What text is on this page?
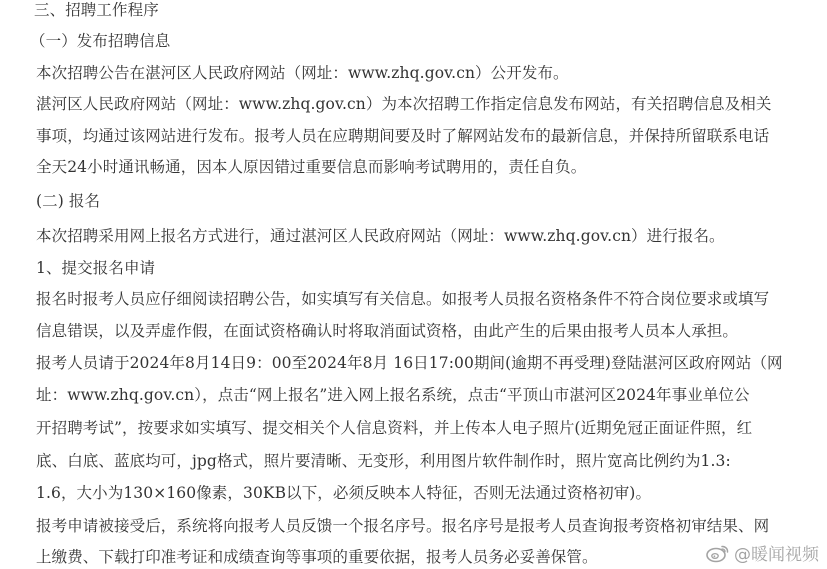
三、招聘工作程序
（一）发布招聘信息
本次招聘公告在湛河区人民政府网站（网址：www.zhq.gov.cn）公开发布。
湛河区人民政府网站（网址：www.zhq.gov.cn）为本次招聘工作指定信息发布网站，有关招聘信息及相关
事项，均通过该网站进行发布。报考人员在应聘期间要及时了解网站发布的最新信息，并保持所留联系电话
全天24小时通讯畅通，因本人原因错过重要信息而影响考试聘用的，责任自负。
(二) 报名
本次招聘采用网上报名方式进行，通过湛河区人民政府网站（网址：www.zhq.gov.cn）进行报名。
1、提交报名申请
报名时报考人员应仔细阅读招聘公告，如实填写有关信息。如报考人员报名资格条件不符合岗位要求或填写
信息错误，以及弄虚作假，在面试资格确认时将取消面试资格，由此产生的后果由报考人员本人承担。
报考人员请于2024年8月14日9：00至2024年8月 16日17:00期间(逾期不再受理)登陆湛河区政府网站（网
址：www.zhq.gov.cn），点击“网上报名”进入网上报名系统，点击“平顶山市湛河区2024年事业单位公
开招聘考试”，按要求如实填写、提交相关个人信息资料，并上传本人电子照片(近期免冠正面证件照，红
底、白底、蓝底均可，jpg格式，照片要清晰、无变形，利用图片软件制作时，照片宽高比例约为1.3:
1.6，大小为130×160像素，30KB以下，必须反映本人特征，否则无法通过资格初审)。
报考申请被接受后，系统将向报考人员反馈一个报名序号。报名序号是报考人员查询报考资格初审结果、网
上缴费、下载打印准考证和成绩查询等事项的重要依据，报考人员务必妥善保管。	@暖闻视频
